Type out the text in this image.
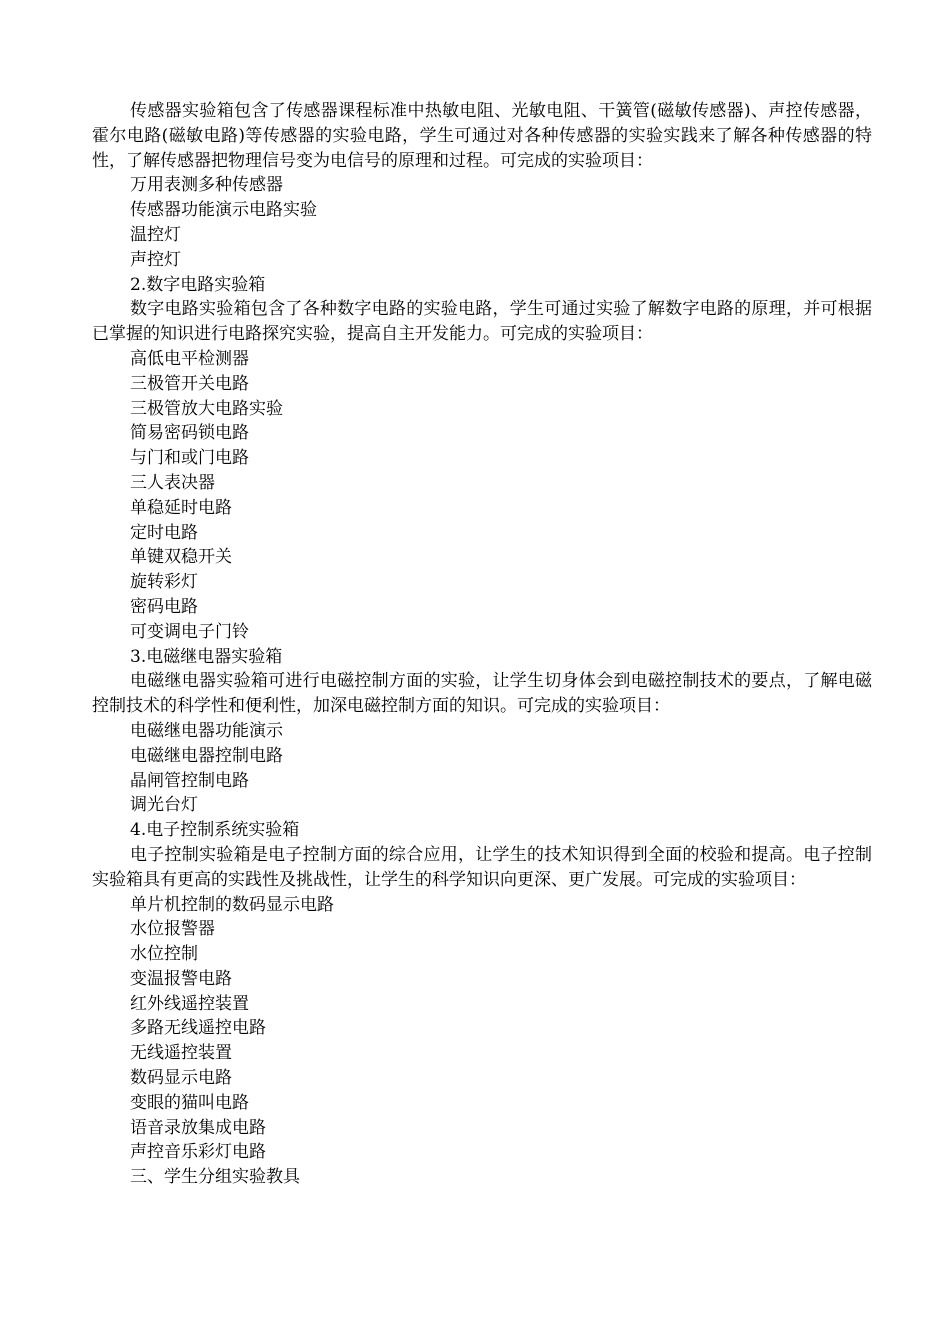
传感器实验箱包含了传感器课程标准中热敏电阻、光敏电阻、干簧管(磁敏传感器)、声控传感器，霍尔电路(磁敏电路)等传感器的实验电路，学生可通过对各种传感器的实验实践来了解各种传感器的特性，了解传感器把物理信号变为电信号的原理和过程。可完成的实验项目：

万用表测多种传感器
传感器功能演示电路实验
温控灯
声控灯
2.数字电路实验箱

数字电路实验箱包含了各种数字电路的实验电路，学生可通过实验了解数字电路的原理，并可根据已掌握的知识进行电路探究实验，提高自主开发能力。可完成的实验项目：

高低电平检测器
三极管开关电路
三极管放大电路实验
简易密码锁电路
与门和或门电路
三人表决器
单稳延时电路
定时电路
单键双稳开关
旋转彩灯
密码电路
可变调电子门铃
3.电磁继电器实验箱

电磁继电器实验箱可进行电磁控制方面的实验，让学生切身体会到电磁控制技术的要点，了解电磁控制技术的科学性和便利性，加深电磁控制方面的知识。可完成的实验项目：

电磁继电器功能演示
电磁继电器控制电路
晶闸管控制电路
调光台灯
4.电子控制系统实验箱

电子控制实验箱是电子控制方面的综合应用，让学生的技术知识得到全面的校验和提高。电子控制实验箱具有更高的实践性及挑战性，让学生的科学知识向更深、更广发展。可完成的实验项目：

单片机控制的数码显示电路
水位报警器
水位控制
变温报警电路
红外线遥控装置
多路无线遥控电路
无线遥控装置
数码显示电路
变眼的猫叫电路
语音录放集成电路
声控音乐彩灯电路
三、学生分组实验教具
